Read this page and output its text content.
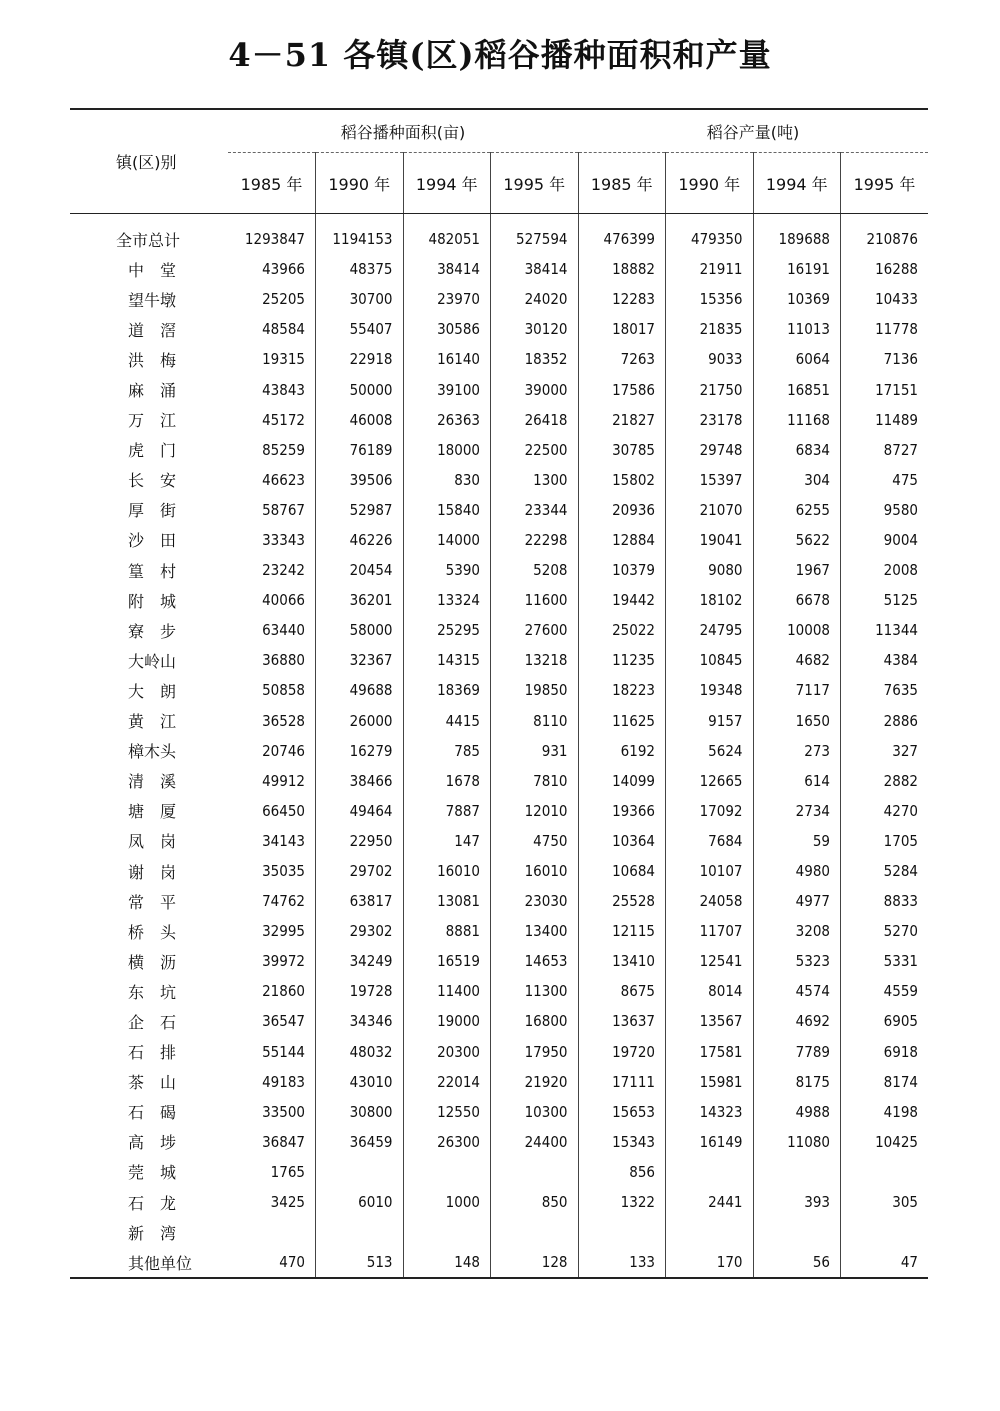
4－51 各镇(区)稻谷播种面积和产量
镇(区)别	稻谷播种面积(亩)				稻谷产量(吨)			
	1985 年	1990 年	1994 年	1995 年	1985 年	1990 年	1994 年	1995 年
全市总计	1293847	1194153	482051	527594	476399	479350	189688	210876
中　堂	43966	48375	38414	38414	18882	21911	16191	16288
望牛墩	25205	30700	23970	24020	12283	15356	10369	10433
道　滘	48584	55407	30586	30120	18017	21835	11013	11778
洪　梅	19315	22918	16140	18352	7263	9033	6064	7136
麻　涌	43843	50000	39100	39000	17586	21750	16851	17151
万　江	45172	46008	26363	26418	21827	23178	11168	11489
虎　门	85259	76189	18000	22500	30785	29748	6834	8727
长　安	46623	39506	830	1300	15802	15397	304	475
厚　街	58767	52987	15840	23344	20936	21070	6255	9580
沙　田	33343	46226	14000	22298	12884	19041	5622	9004
篁　村	23242	20454	5390	5208	10379	9080	1967	2008
附　城	40066	36201	13324	11600	19442	18102	6678	5125
寮　步	63440	58000	25295	27600	25022	24795	10008	11344
大岭山	36880	32367	14315	13218	11235	10845	4682	4384
大　朗	50858	49688	18369	19850	18223	19348	7117	7635
黄　江	36528	26000	4415	8110	11625	9157	1650	2886
樟木头	20746	16279	785	931	6192	5624	273	327
清　溪	49912	38466	1678	7810	14099	12665	614	2882
塘　厦	66450	49464	7887	12010	19366	17092	2734	4270
凤　岗	34143	22950	147	4750	10364	7684	59	1705
谢　岗	35035	29702	16010	16010	10684	10107	4980	5284
常　平	74762	63817	13081	23030	25528	24058	4977	8833
桥　头	32995	29302	8881	13400	12115	11707	3208	5270
横　沥	39972	34249	16519	14653	13410	12541	5323	5331
东　坑	21860	19728	11400	11300	8675	8014	4574	4559
企　石	36547	34346	19000	16800	13637	13567	4692	6905
石　排	55144	48032	20300	17950	19720	17581	7789	6918
茶　山	49183	43010	22014	21920	17111	15981	8175	8174
石　碣	33500	30800	12550	10300	15653	14323	4988	4198
高　埗	36847	36459	26300	24400	15343	16149	11080	10425
莞　城	1765				856			
石　龙	3425	6010	1000	850	1322	2441	393	305
新　湾								
其他单位	470	513	148	128	133	170	56	47
